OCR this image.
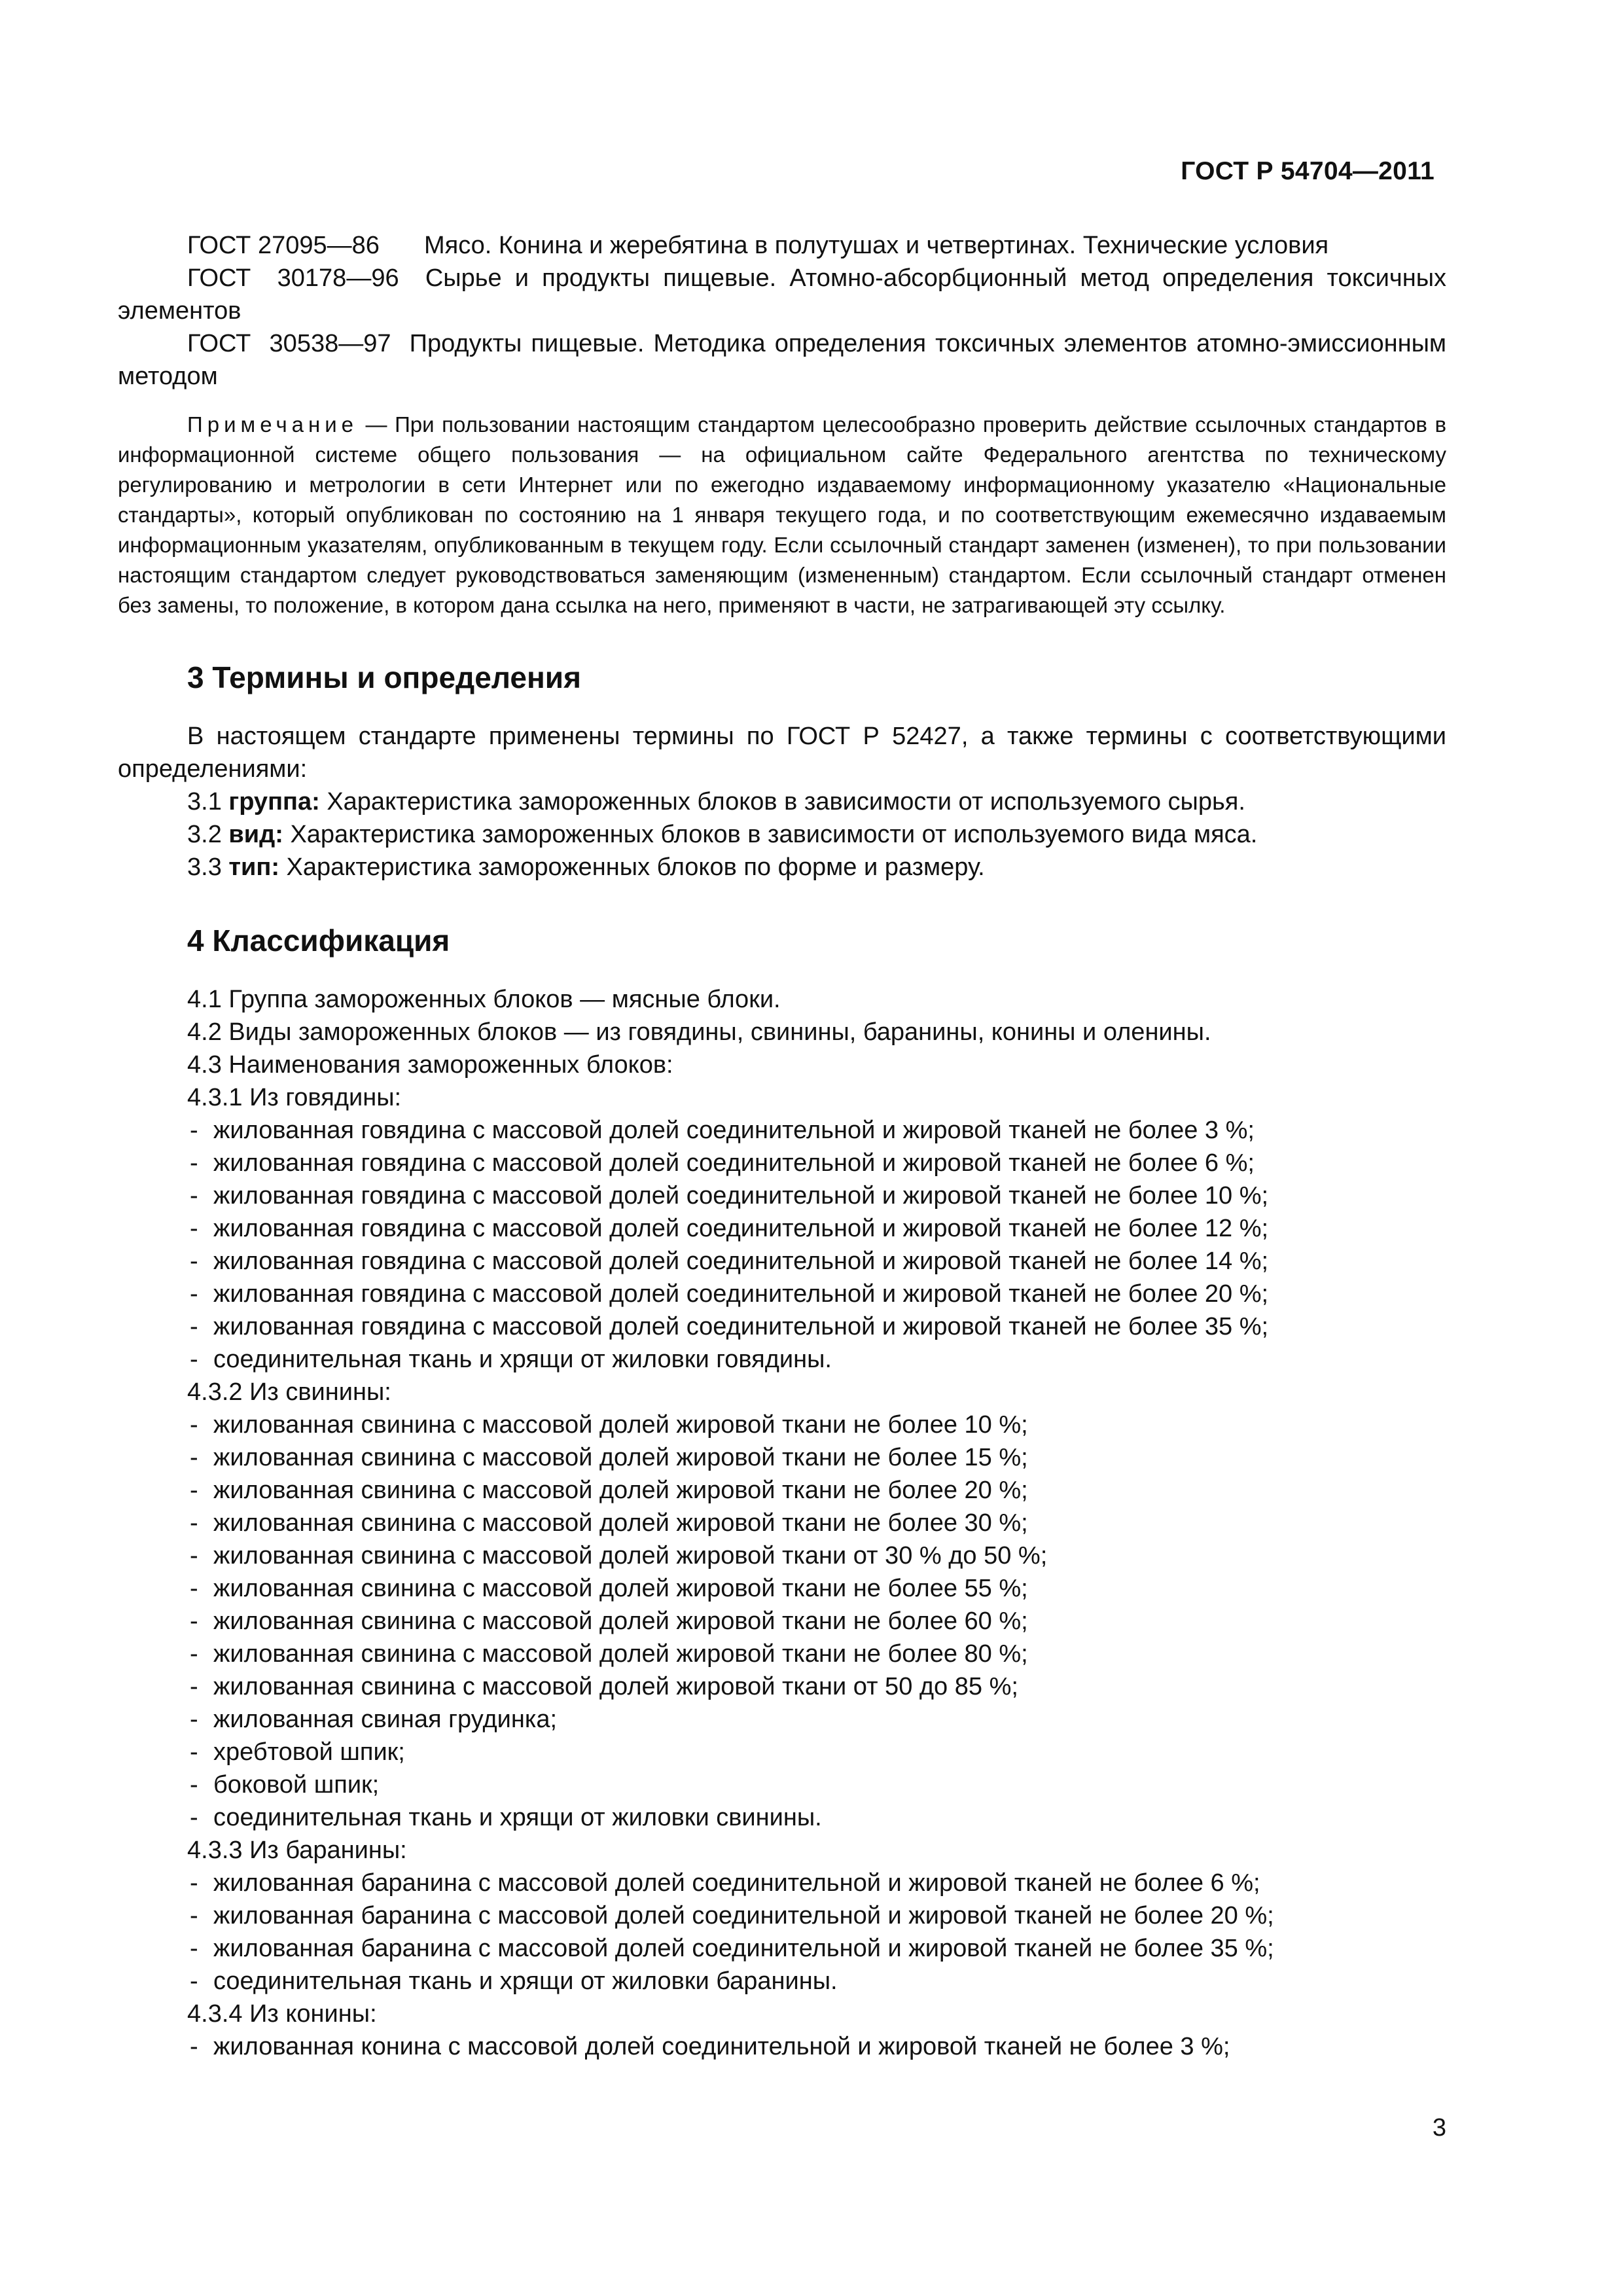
ГОСТ Р 54704—2011
ГОСТ 27095—86	Мясо. Конина и жеребятина в полутушах и четвертинах. Технические условия
ГОСТ  30178—96  Сырье и продукты пищевые. Атомно-абсорбционный метод определения токсичных элементов
ГОСТ  30538—97  Продукты пищевые. Методика определения токсичных элементов атомно-эмиссионным методом
Примечание — При пользовании настоящим стандартом целесообразно проверить действие ссылочных стандартов в информационной системе общего пользования — на официальном сайте Федерального агентства по техническому регулированию и метрологии в сети Интернет или по ежегодно издаваемому информационному указателю «Национальные стандарты», который опубликован по состоянию на 1 января текущего года, и по соответствующим ежемесячно издаваемым информационным указателям, опубликованным в текущем году. Если ссылочный стандарт заменен (изменен), то при пользовании настоящим стандартом следует руководствоваться заменяющим (измененным) стандартом. Если ссылочный стандарт отменен без замены, то положение, в котором дана ссылка на него, применяют в части, не затрагивающей эту ссылку.
3 Термины и определения
В настоящем стандарте применены термины по ГОСТ Р 52427, а также термины с соответствующими определениями:
3.1 группа: Характеристика замороженных блоков в зависимости от используемого сырья.
3.2 вид: Характеристика замороженных блоков в зависимости от используемого вида мяса.
3.3 тип: Характеристика замороженных блоков по форме и размеру.
4 Классификация
4.1 Группа замороженных блоков — мясные блоки.
4.2 Виды замороженных блоков — из говядины, свинины, баранины, конины и оленины.
4.3 Наименования замороженных блоков:
4.3.1 Из говядины:
- жилованная говядина с массовой долей соединительной и жировой тканей не более 3 %;
- жилованная говядина с массовой долей соединительной и жировой тканей не более 6 %;
- жилованная говядина с массовой долей соединительной и жировой тканей не более 10 %;
- жилованная говядина с массовой долей соединительной и жировой тканей не более 12 %;
- жилованная говядина с массовой долей соединительной и жировой тканей не более 14 %;
- жилованная говядина с массовой долей соединительной и жировой тканей не более 20 %;
- жилованная говядина с массовой долей соединительной и жировой тканей не более 35 %;
- соединительная ткань и хрящи от жиловки говядины.
4.3.2 Из свинины:
- жилованная свинина с массовой долей жировой ткани не более 10 %;
- жилованная свинина с массовой долей жировой ткани не более 15 %;
- жилованная свинина с массовой долей жировой ткани не более 20 %;
- жилованная свинина с массовой долей жировой ткани не более 30 %;
- жилованная свинина с массовой долей жировой ткани от 30 % до 50 %;
- жилованная свинина с массовой долей жировой ткани не более 55 %;
- жилованная свинина с массовой долей жировой ткани не более 60 %;
- жилованная свинина с массовой долей жировой ткани не более 80 %;
- жилованная свинина с массовой долей жировой ткани от 50 до 85 %;
- жилованная свиная грудинка;
- хребтовой шпик;
- боковой шпик;
- соединительная ткань и хрящи от жиловки свинины.
4.3.3 Из баранины:
- жилованная баранина с массовой долей соединительной и жировой тканей не более 6 %;
- жилованная баранина с массовой долей соединительной и жировой тканей не более 20 %;
- жилованная баранина с массовой долей соединительной и жировой тканей не более 35 %;
- соединительная ткань и хрящи от жиловки баранины.
4.3.4 Из конины:
- жилованная конина с массовой долей соединительной и жировой тканей не более 3 %;
3
